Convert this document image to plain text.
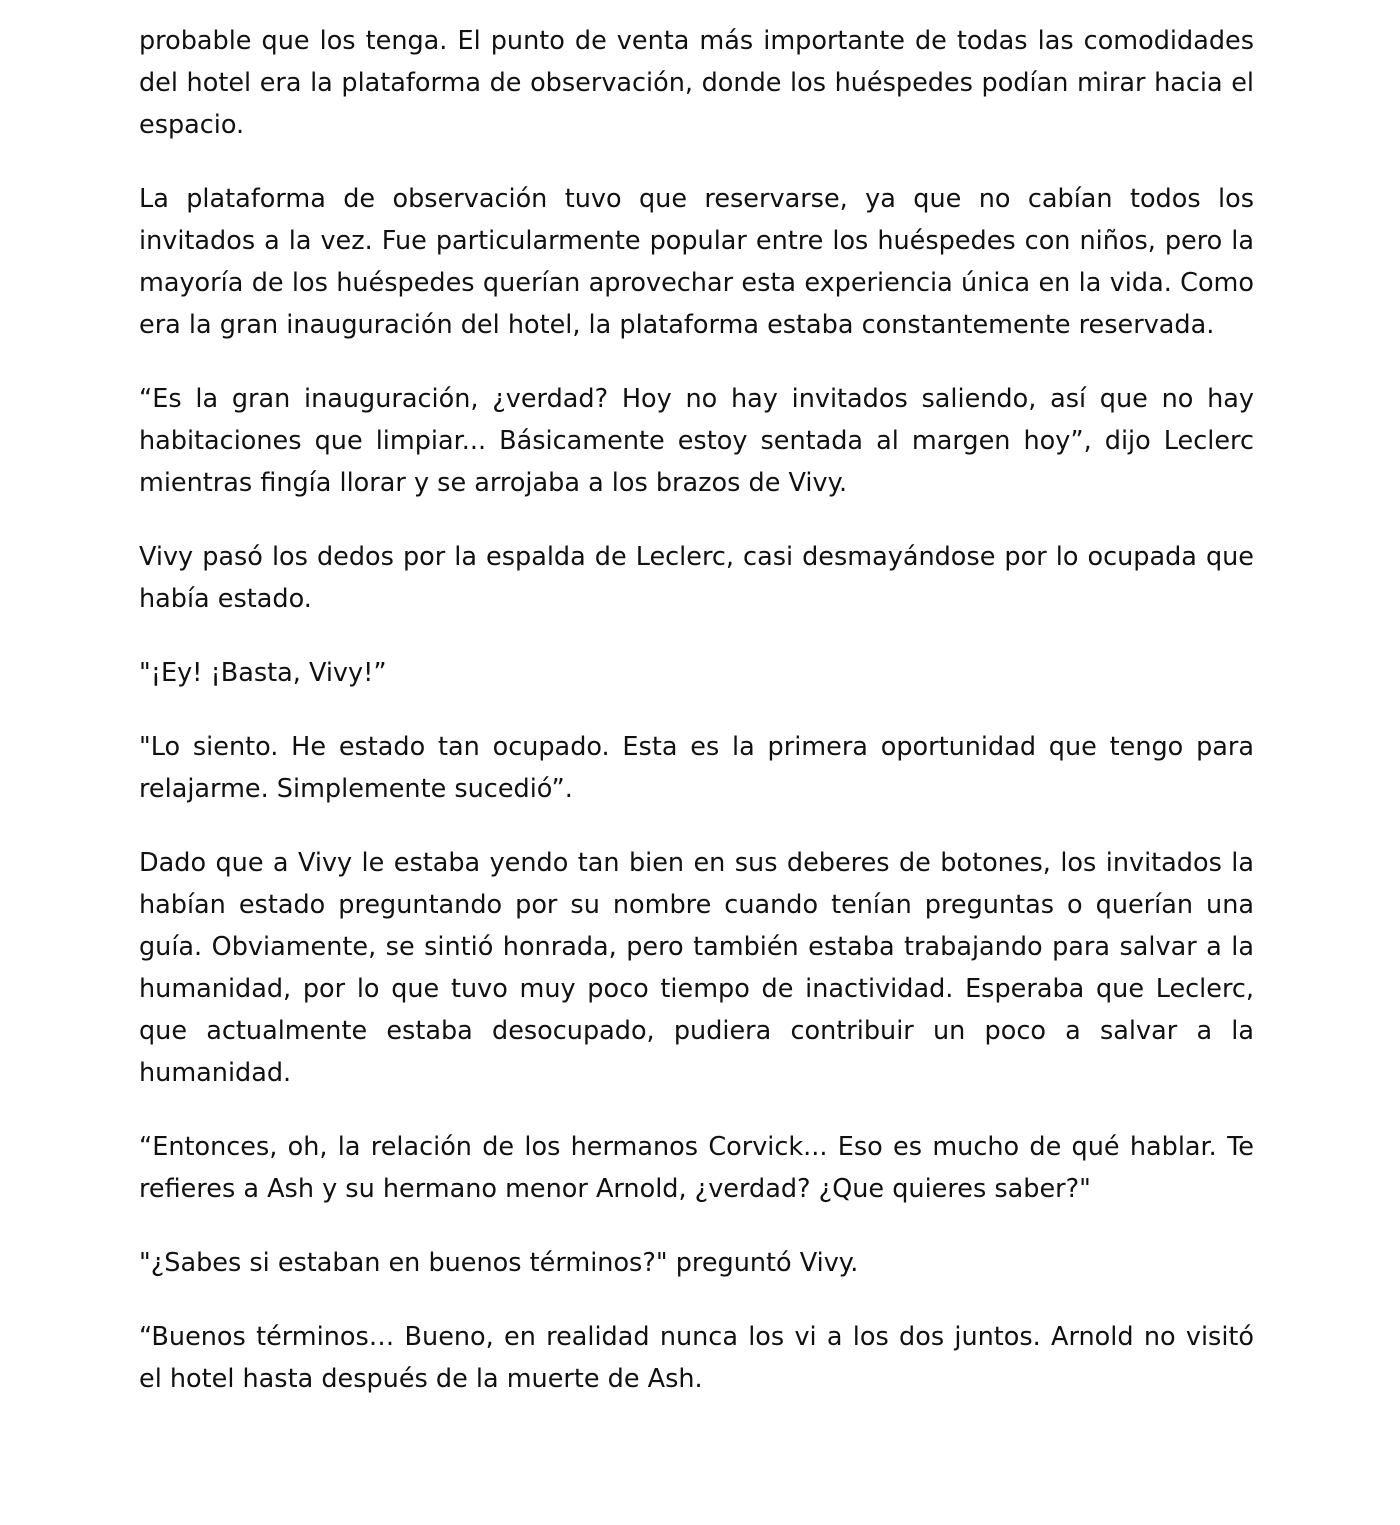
probable que los tenga. El punto de venta más importante de todas las comodidades del hotel era la plataforma de observación, donde los huéspedes podían mirar hacia el espacio.

La plataforma de observación tuvo que reservarse, ya que no cabían todos los invitados a la vez. Fue particularmente popular entre los huéspedes con niños, pero la mayoría de los huéspedes querían aprovechar esta experiencia única en la vida. Como era la gran inauguración del hotel, la plataforma estaba constantemente reservada.

“Es la gran inauguración, ¿verdad? Hoy no hay invitados saliendo, así que no hay habitaciones que limpiar... Básicamente estoy sentada al margen hoy”, dijo Leclerc mientras fingía llorar y se arrojaba a los brazos de Vivy.

Vivy pasó los dedos por la espalda de Leclerc, casi desmayándose por lo ocupada que había estado.

"¡Ey! ¡Basta, Vivy!”

"Lo siento. He estado tan ocupado. Esta es la primera oportunidad que tengo para relajarme. Simplemente sucedió”.

Dado que a Vivy le estaba yendo tan bien en sus deberes de botones, los invitados la habían estado preguntando por su nombre cuando tenían preguntas o querían una guía. Obviamente, se sintió honrada, pero también estaba trabajando para salvar a la humanidad, por lo que tuvo muy poco tiempo de inactividad. Esperaba que Leclerc, que actualmente estaba desocupado, pudiera contribuir un poco a salvar a la humanidad.

“Entonces, oh, la relación de los hermanos Corvick... Eso es mucho de qué hablar. Te refieres a Ash y su hermano menor Arnold, ¿verdad? ¿Que quieres saber?"

"¿Sabes si estaban en buenos términos?" preguntó Vivy.

“Buenos términos… Bueno, en realidad nunca los vi a los dos juntos. Arnold no visitó el hotel hasta después de la muerte de Ash.
